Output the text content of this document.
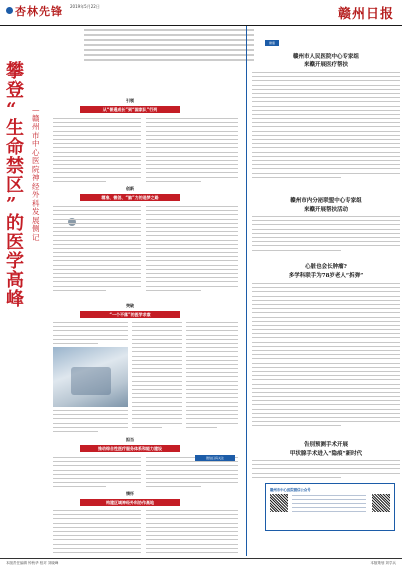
杏林先锋 2019年5月22日
赣州日报
攀
登
“
生
命
禁
区
”
的
医
学
高
峰
—
赣
州
市
中
心
医
院
神
经
外
科
发
展
侧
记
引领
从“普通成长”到“国家队”行列
创新
精准、微创、“脑”力的追梦之路
突破
“一个不落”的医学求索
担当
推动综合性医疗服务体系和能力建设
情怀
构建区域神经外科协作高地
健康
赣州市人民医院中心专家组
来赣开展医疗帮扶
赣州市内分泌联盟中心专家组
来赣开展帮扶活动
心脏也会长肿瘤?
多学科联手为78岁老人“拆弹”
告别预测手术开展
甲状腺手术进入“隐痕”新时代
微信扫码关注
赣州市中心医院微信公众号
本版责任编辑 钟秋华 校对 刘晓峰	本版策划 刘学兵
